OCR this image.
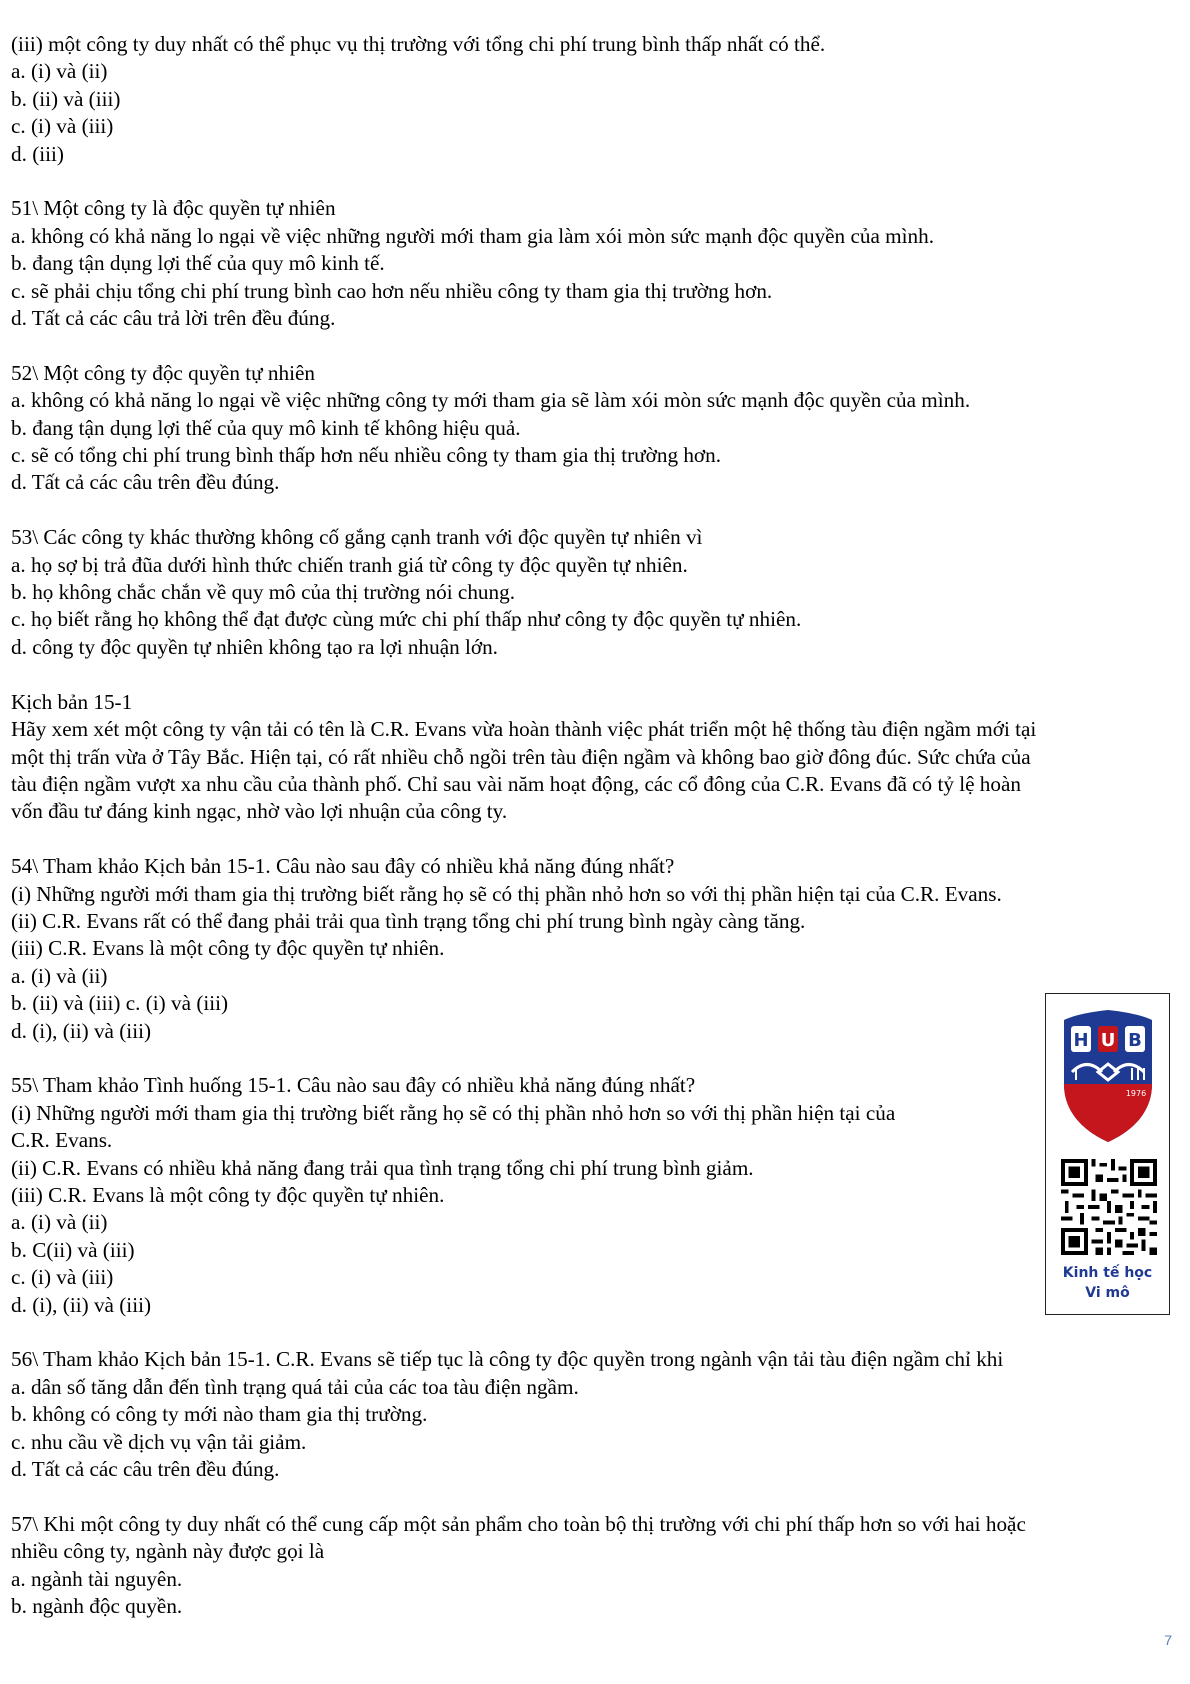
(iii) một công ty duy nhất có thể phục vụ thị trường với tổng chi phí trung bình thấp nhất có thể.
a. (i) và (ii)
b. (ii) và (iii)
c. (i) và (iii)
d. (iii)
51\ Một công ty là độc quyền tự nhiên
a. không có khả năng lo ngại về việc những người mới tham gia làm xói mòn sức mạnh độc quyền của mình.
b. đang tận dụng lợi thế của quy mô kinh tế.
c. sẽ phải chịu tổng chi phí trung bình cao hơn nếu nhiều công ty tham gia thị trường hơn.
d. Tất cả các câu trả lời trên đều đúng.
52\ Một công ty độc quyền tự nhiên
a. không có khả năng lo ngại về việc những công ty mới tham gia sẽ làm xói mòn sức mạnh độc quyền của mình.
b. đang tận dụng lợi thế của quy mô kinh tế không hiệu quả.
c. sẽ có tổng chi phí trung bình thấp hơn nếu nhiều công ty tham gia thị trường hơn.
d. Tất cả các câu trên đều đúng.
53\ Các công ty khác thường không cố gắng cạnh tranh với độc quyền tự nhiên vì
a. họ sợ bị trả đũa dưới hình thức chiến tranh giá từ công ty độc quyền tự nhiên.
b. họ không chắc chắn về quy mô của thị trường nói chung.
c. họ biết rằng họ không thể đạt được cùng mức chi phí thấp như công ty độc quyền tự nhiên.
d. công ty độc quyền tự nhiên không tạo ra lợi nhuận lớn.
Kịch bản 15-1
Hãy xem xét một công ty vận tải có tên là C.R. Evans vừa hoàn thành việc phát triển một hệ thống tàu điện ngầm mới tại
một thị trấn vừa ở Tây Bắc. Hiện tại, có rất nhiều chỗ ngồi trên tàu điện ngầm và không bao giờ đông đúc. Sức chứa của
tàu điện ngầm vượt xa nhu cầu của thành phố. Chỉ sau vài năm hoạt động, các cổ đông của C.R. Evans đã có tỷ lệ hoàn
vốn đầu tư đáng kinh ngạc, nhờ vào lợi nhuận của công ty.
54\ Tham khảo Kịch bản 15-1. Câu nào sau đây có nhiều khả năng đúng nhất?
(i) Những người mới tham gia thị trường biết rằng họ sẽ có thị phần nhỏ hơn so với thị phần hiện tại của C.R. Evans.
(ii) C.R. Evans rất có thể đang phải trải qua tình trạng tổng chi phí trung bình ngày càng tăng.
(iii) C.R. Evans là một công ty độc quyền tự nhiên.
a. (i) và (ii)
b. (ii) và (iii) c. (i) và (iii)
d. (i), (ii) và (iii)
55\ Tham khảo Tình huống 15-1. Câu nào sau đây có nhiều khả năng đúng nhất?
(i) Những người mới tham gia thị trường biết rằng họ sẽ có thị phần nhỏ hơn so với thị phần hiện tại của
C.R. Evans.
(ii) C.R. Evans có nhiều khả năng đang trải qua tình trạng tổng chi phí trung bình giảm.
(iii) C.R. Evans là một công ty độc quyền tự nhiên.
a. (i) và (ii)
b. C(ii) và (iii)
c. (i) và (iii)
d. (i), (ii) và (iii)
56\ Tham khảo Kịch bản 15-1. C.R. Evans sẽ tiếp tục là công ty độc quyền trong ngành vận tải tàu điện ngầm chỉ khi
a. dân số tăng dẫn đến tình trạng quá tải của các toa tàu điện ngầm.
b. không có công ty mới nào tham gia thị trường.
c. nhu cầu về dịch vụ vận tải giảm.
d. Tất cả các câu trên đều đúng.
57\ Khi một công ty duy nhất có thể cung cấp một sản phẩm cho toàn bộ thị trường với chi phí thấp hơn so với hai hoặc
nhiều công ty, ngành này được gọi là
a. ngành tài nguyên.
b. ngành độc quyền.
H U B
1976
Kinh tế học
Vi mô
7
